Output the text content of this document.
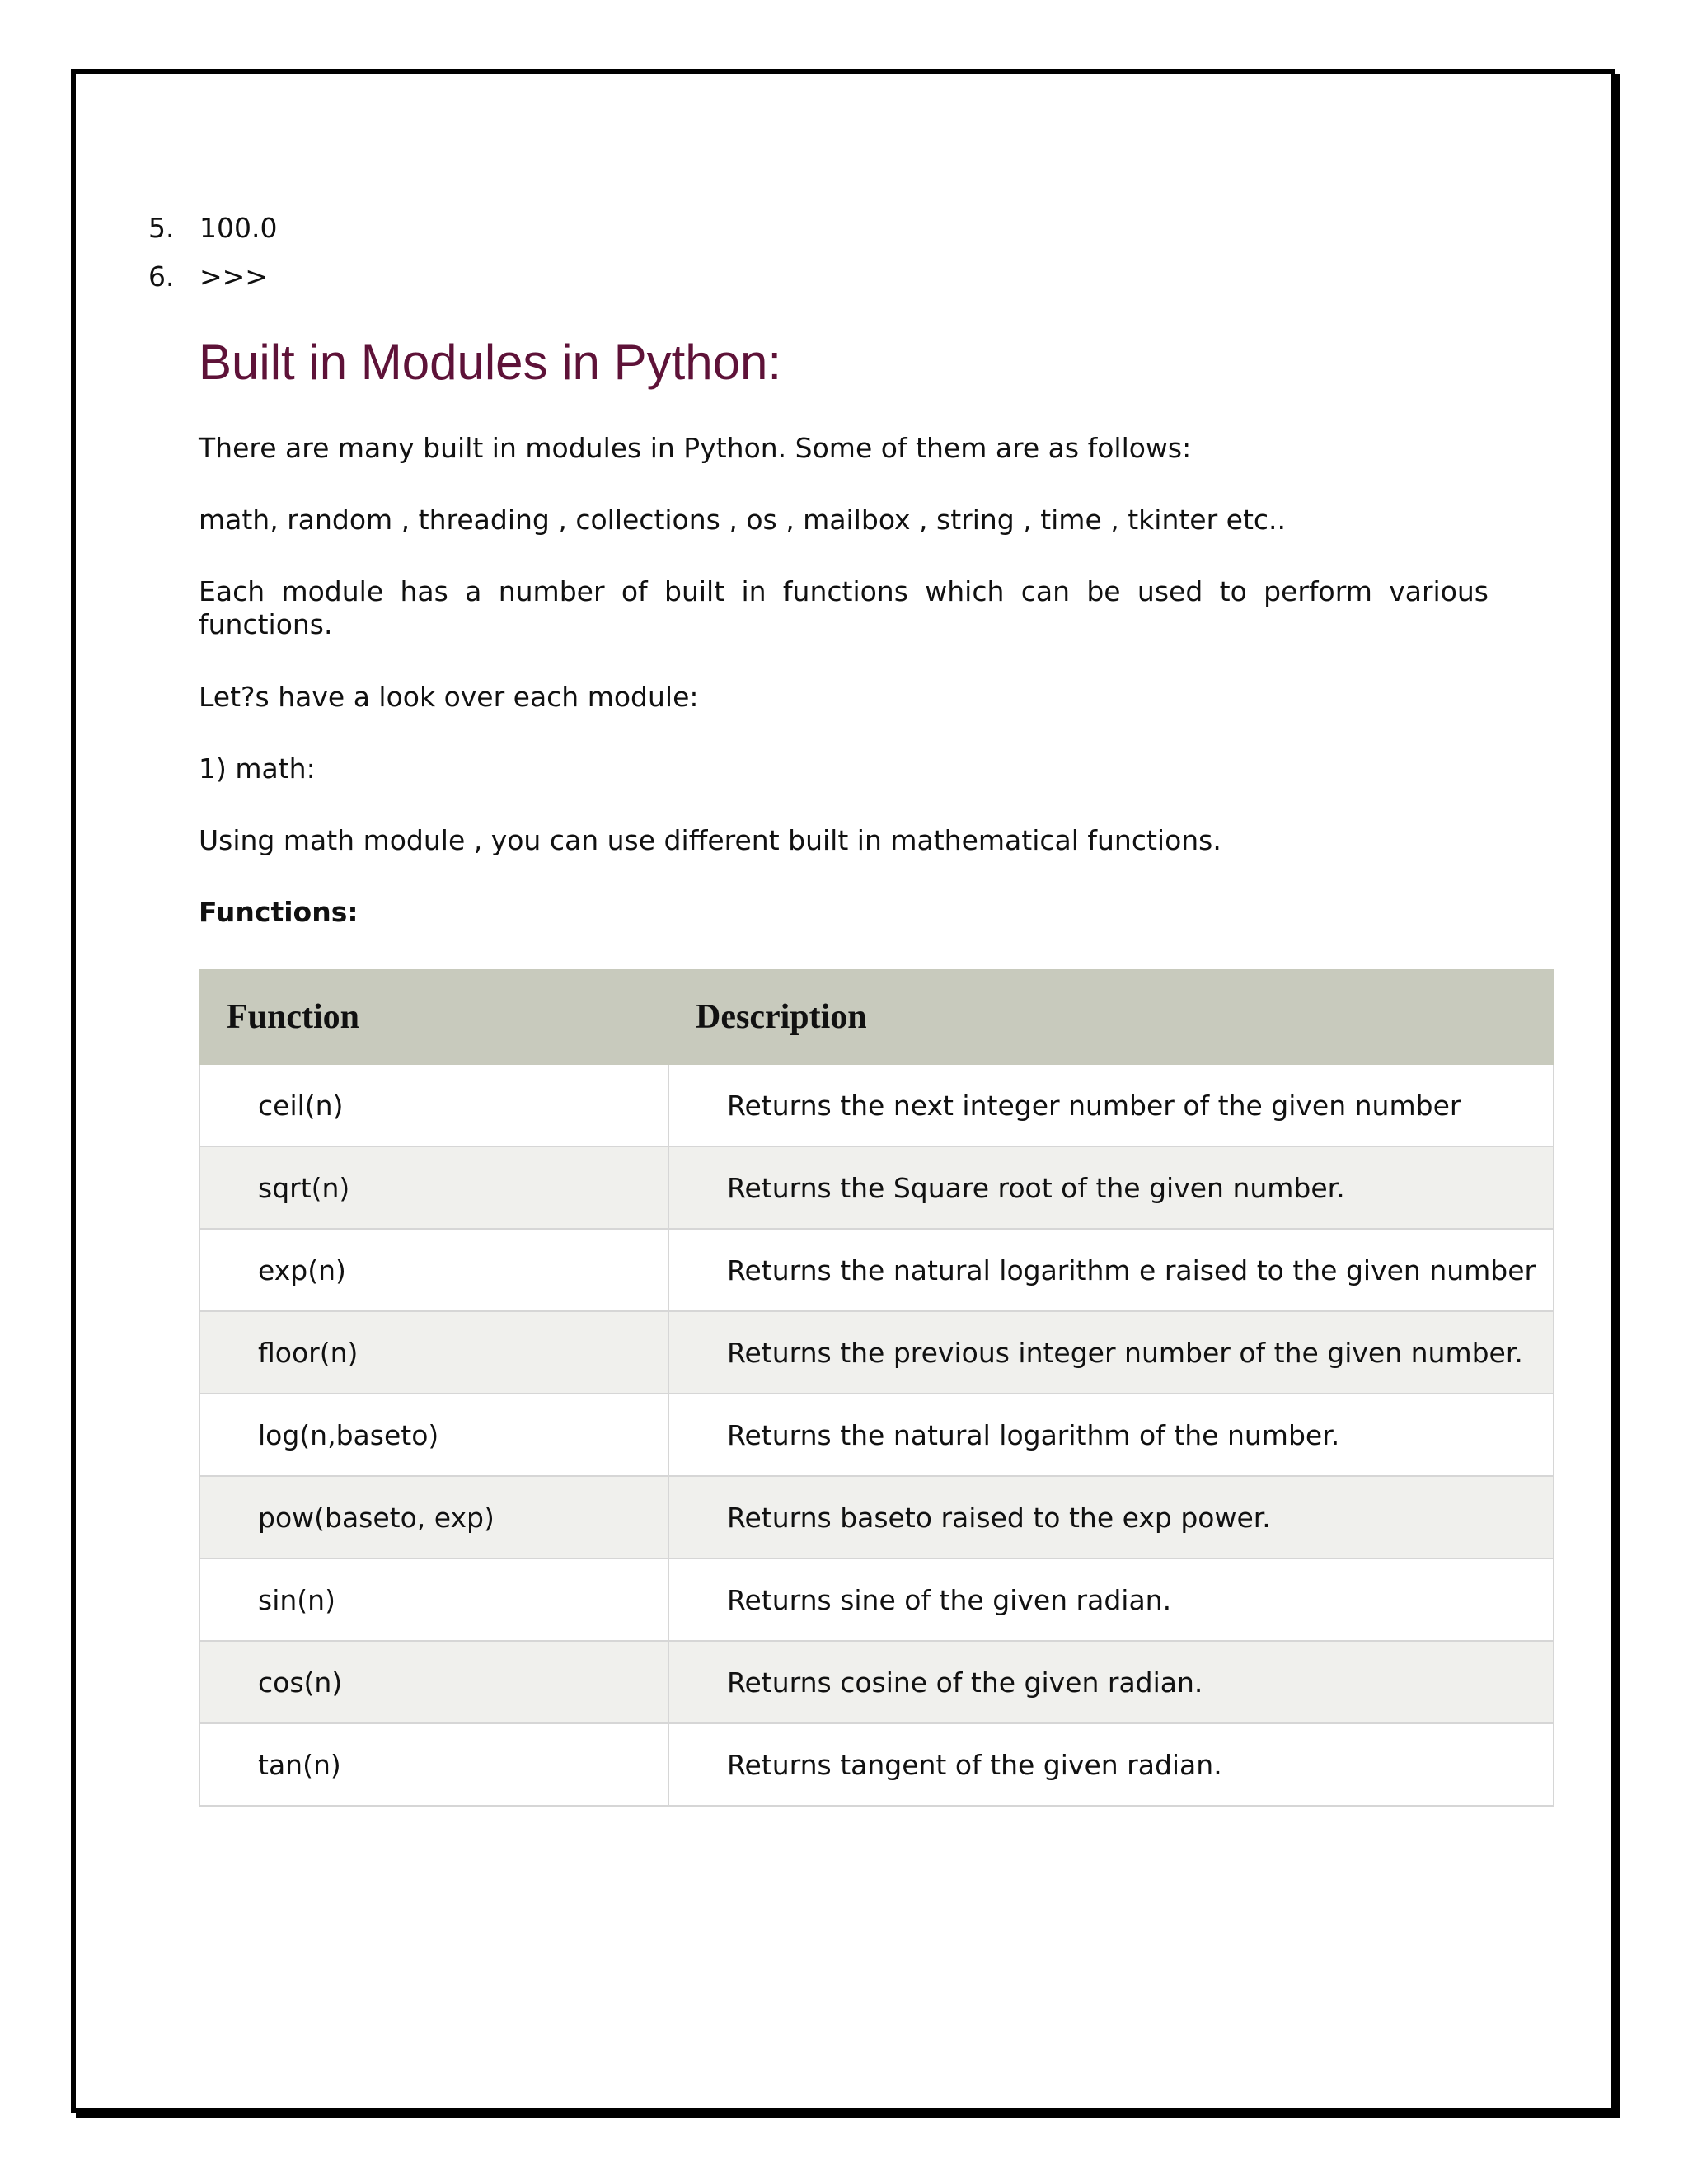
5. 100.0
6. >>>
Built in Modules in Python:

There are many built in modules in Python. Some of them are as follows:

math, random , threading , collections , os , mailbox , string , time , tkinter etc..

Each module has a number of built in functions which can be used to perform various functions.

Let?s have a look over each module:

1) math:

Using math module , you can use different built in mathematical functions.

Functions:

Function	Description
ceil(n)	Returns the next integer number of the given number
sqrt(n)	Returns the Square root of the given number.
exp(n)	Returns the natural logarithm e raised to the given number
floor(n)	Returns the previous integer number of the given number.
log(n,baseto)	Returns the natural logarithm of the number.
pow(baseto, exp)	Returns baseto raised to the exp power.
sin(n)	Returns sine of the given radian.
cos(n)	Returns cosine of the given radian.
tan(n)	Returns tangent of the given radian.
